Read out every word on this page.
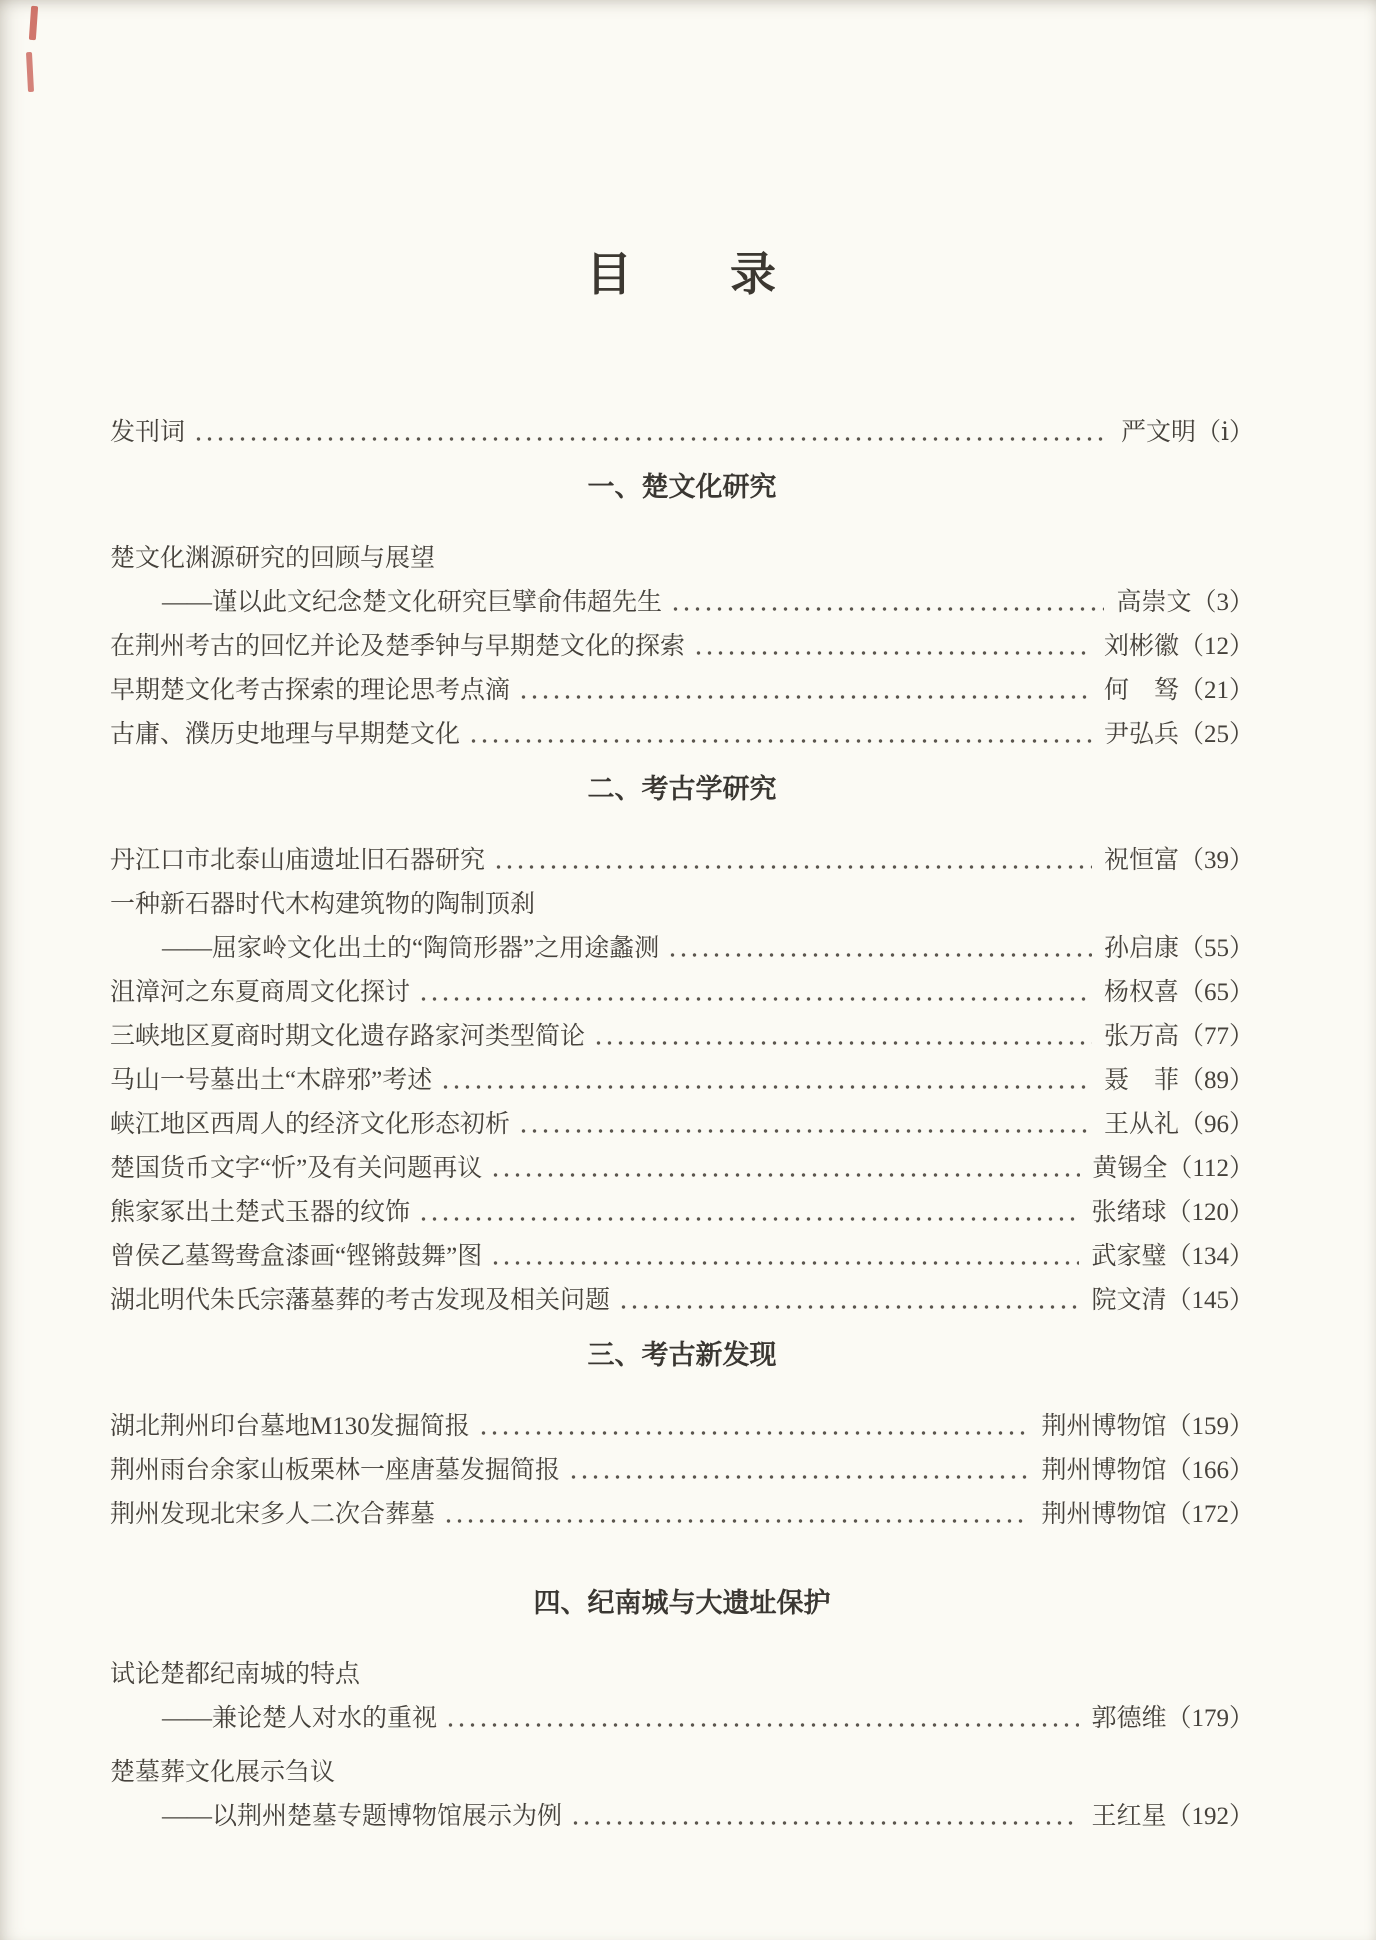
目　　录
发刊词	严文明（ⅰ）
一、楚文化研究
楚文化渊源研究的回顾与展望
——谨以此文纪念楚文化研究巨擘俞伟超先生	高崇文（3）
在荆州考古的回忆并论及楚季钟与早期楚文化的探索	刘彬徽（12）
早期楚文化考古探索的理论思考点滴	何　驽（21）
古庸、濮历史地理与早期楚文化	尹弘兵（25）
二、考古学研究
丹江口市北泰山庙遗址旧石器研究	祝恒富（39）
一种新石器时代木构建筑物的陶制顶刹
——屈家岭文化出土的“陶筒形器”之用途蠡测	孙启康（55）
沮漳河之东夏商周文化探讨	杨权喜（65）
三峡地区夏商时期文化遗存路家河类型简论	张万高（77）
马山一号墓出土“木辟邪”考述	聂　菲（89）
峡江地区西周人的经济文化形态初析	王从礼（96）
楚国货币文字“忻”及有关问题再议	黄锡全（112）
熊家冢出土楚式玉器的纹饰	张绪球（120）
曾侯乙墓鸳鸯盒漆画“铿锵鼓舞”图	武家璧（134）
湖北明代朱氏宗藩墓葬的考古发现及相关问题	院文清（145）
三、考古新发现
湖北荆州印台墓地M130发掘简报	荆州博物馆（159）
荆州雨台余家山板栗林一座唐墓发掘简报	荆州博物馆（166）
荆州发现北宋多人二次合葬墓	荆州博物馆（172）
四、纪南城与大遗址保护
试论楚都纪南城的特点
——兼论楚人对水的重视	郭德维（179）
楚墓葬文化展示刍议
——以荆州楚墓专题博物馆展示为例	王红星（192）
